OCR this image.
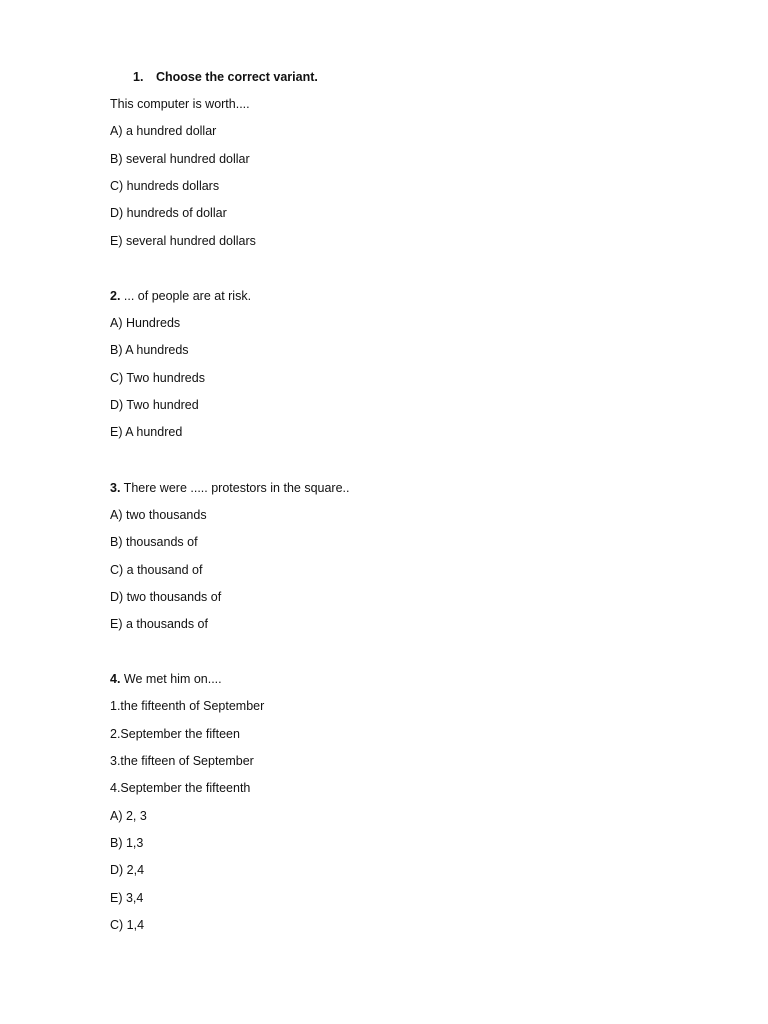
1. Choose the correct variant.
This computer is worth....
A) a hundred dollar
B) several hundred dollar
C) hundreds dollars
D) hundreds of dollar
E) several hundred dollars
2. ... of people are at risk.
A) Hundreds
B) A hundreds
C) Two hundreds
D) Two hundred
E) A hundred
3. There were ..... protestors in the square..
A) two thousands
B) thousands of
C) a thousand of
D) two thousands of
E) a thousands of
4. We met him on....
1.the fifteenth of September
2.September the fifteen
3.the fifteen of September
4.September the fifteenth
A) 2, 3
B) 1,3
D) 2,4
E) 3,4
C) 1,4
